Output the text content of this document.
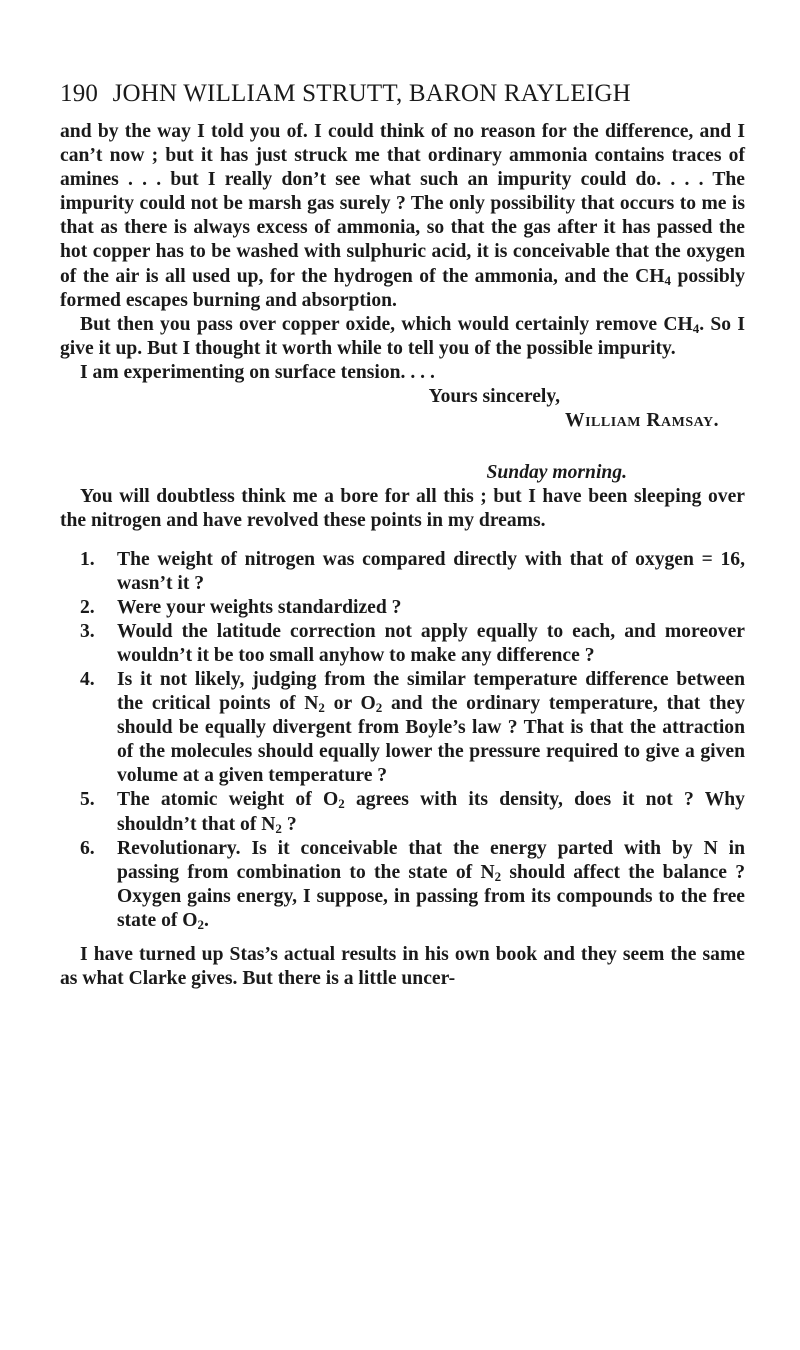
190 JOHN WILLIAM STRUTT, BARON RAYLEIGH

and by the way I told you of. I could think of no reason for the difference, and I can’t now ; but it has just struck me that ordinary ammonia contains traces of amines . . . but I really don’t see what such an impurity could do. . . . The impurity could not be marsh gas surely ? The only possibility that occurs to me is that as there is always excess of ammonia, so that the gas after it has passed the hot copper has to be washed with sulphuric acid, it is conceivable that the oxygen of the air is all used up, for the hydrogen of the ammonia, and the $CH_4$ possibly formed escapes burning and absorption.

But then you pass over copper oxide, which would certainly remove $CH_4$. So I give it up. But I thought it worth while to tell you of the possible impurity.

I am experimenting on surface tension. . . .

Yours sincerely,
William Ramsay.
Sunday morning.

You will doubtless think me a bore for all this ; but I have been sleeping over the nitrogen and have revolved these points in my dreams.

1. The weight of nitrogen was compared directly with that of oxygen = 16, wasn’t it ?
2. Were your weights standardized ?
3. Would the latitude correction not apply equally to each, and moreover wouldn’t it be too small anyhow to make any difference ?
4. Is it not likely, judging from the similar temperature difference between the critical points of $N_2$ or $O_2$ and the ordinary temperature, that they should be equally divergent from Boyle’s law ? That is that the attraction of the molecules should equally lower the pressure required to give a given volume at a given temperature ?
5. The atomic weight of $O_2$ agrees with its density, does it not ? Why shouldn’t that of $N_2$ ?
6. Revolutionary. Is it conceivable that the energy parted with by N in passing from combination to the state of $N_2$ should affect the balance ? Oxygen gains energy, I suppose, in passing from its compounds to the free state of $O_2$.

I have turned up Stas’s actual results in his own book and they seem the same as what Clarke gives. But there is a little uncer-
